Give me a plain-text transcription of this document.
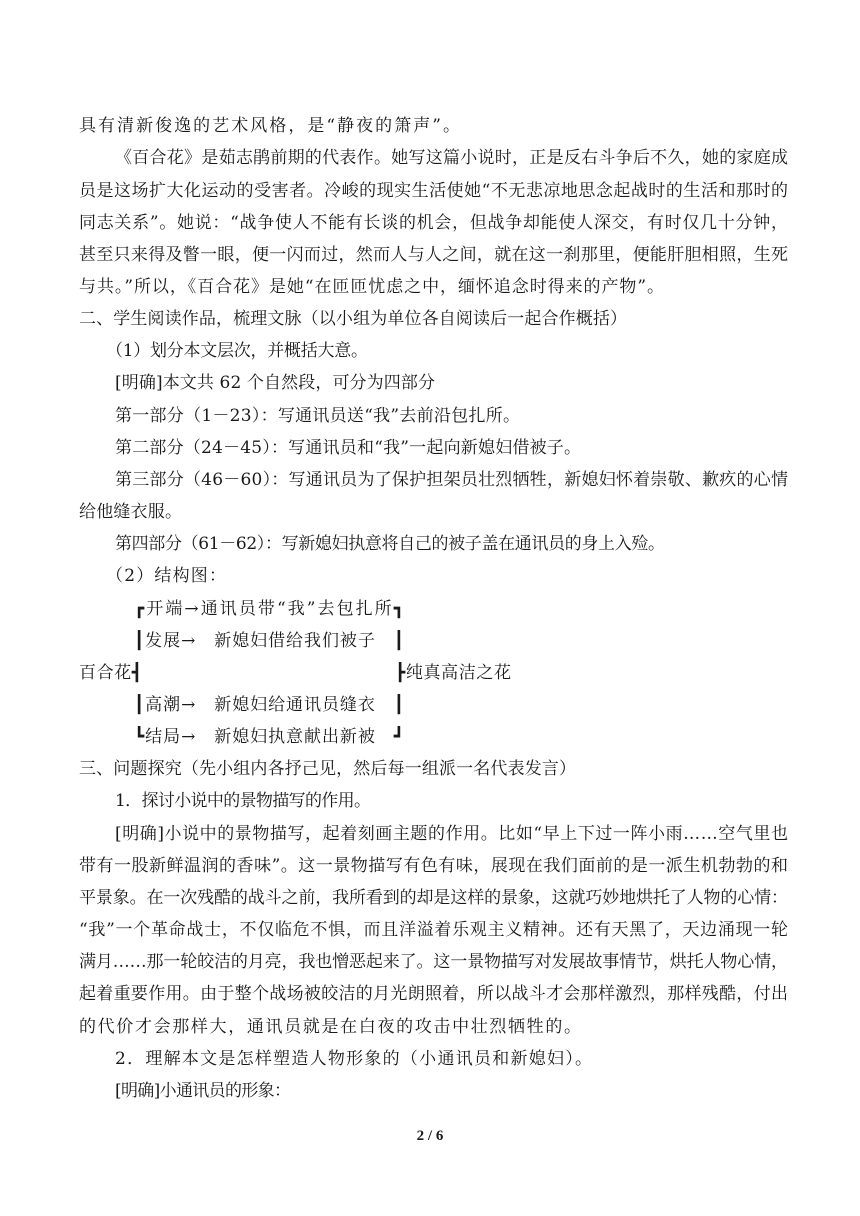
具有清新俊逸的艺术风格，是“静夜的箫声”。
《百合花》是茹志鹃前期的代表作。她写这篇小说时，正是反右斗争后不久，她的家庭成
员是这场扩大化运动的受害者。冷峻的现实生活使她“不无悲凉地思念起战时的生活和那时的
同志关系”。她说：“战争使人不能有长谈的机会，但战争却能使人深交，有时仅几十分钟，
甚至只来得及瞥一眼，便一闪而过，然而人与人之间，就在这一刹那里，便能肝胆相照，生死
与共。”所以，《百合花》是她“在匝匝忧虑之中，缅怀追念时得来的产物”。
二、学生阅读作品，梳理文脉（以小组为单位各自阅读后一起合作概括）
（1）划分本文层次，并概括大意。
[明确]本文共 62 个自然段，可分为四部分
第一部分（1－23）：写通讯员送“我”去前沿包扎所。
第二部分（24－45）：写通讯员和“我”一起向新媳妇借被子。
第三部分（46－60）：写通讯员为了保护担架员壮烈牺牲，新媳妇怀着崇敬、歉疚的心情
给他缝衣服。
第四部分（61－62）：写新媳妇执意将自己的被子盖在通讯员的身上入殓。
（2）结构图：
┏开端→通讯员带“我”去包扎所┓
┃发展→　新媳妇借给我们被子　┃
百合花┫	┣纯真高洁之花
┃高潮→　新媳妇给通讯员缝衣　┃
┗结局→　新媳妇执意献出新被　┛
三、问题探究（先小组内各抒己见，然后每一组派一名代表发言）
1．探讨小说中的景物描写的作用。
[明确]小说中的景物描写，起着刻画主题的作用。比如“早上下过一阵小雨……空气里也
带有一股新鲜温润的香味”。这一景物描写有色有味，展现在我们面前的是一派生机勃勃的和
平景象。在一次残酷的战斗之前，我所看到的却是这样的景象，这就巧妙地烘托了人物的心情：
“我”一个革命战士，不仅临危不惧，而且洋溢着乐观主义精神。还有天黑了，天边涌现一轮
满月……那一轮皎洁的月亮，我也憎恶起来了。这一景物描写对发展故事情节，烘托人物心情，
起着重要作用。由于整个战场被皎洁的月光朗照着，所以战斗才会那样激烈，那样残酷，付出
的代价才会那样大，通讯员就是在白夜的攻击中壮烈牺牲的。
2．理解本文是怎样塑造人物形象的（小通讯员和新媳妇）。
[明确]小通讯员的形象：
2 / 6
